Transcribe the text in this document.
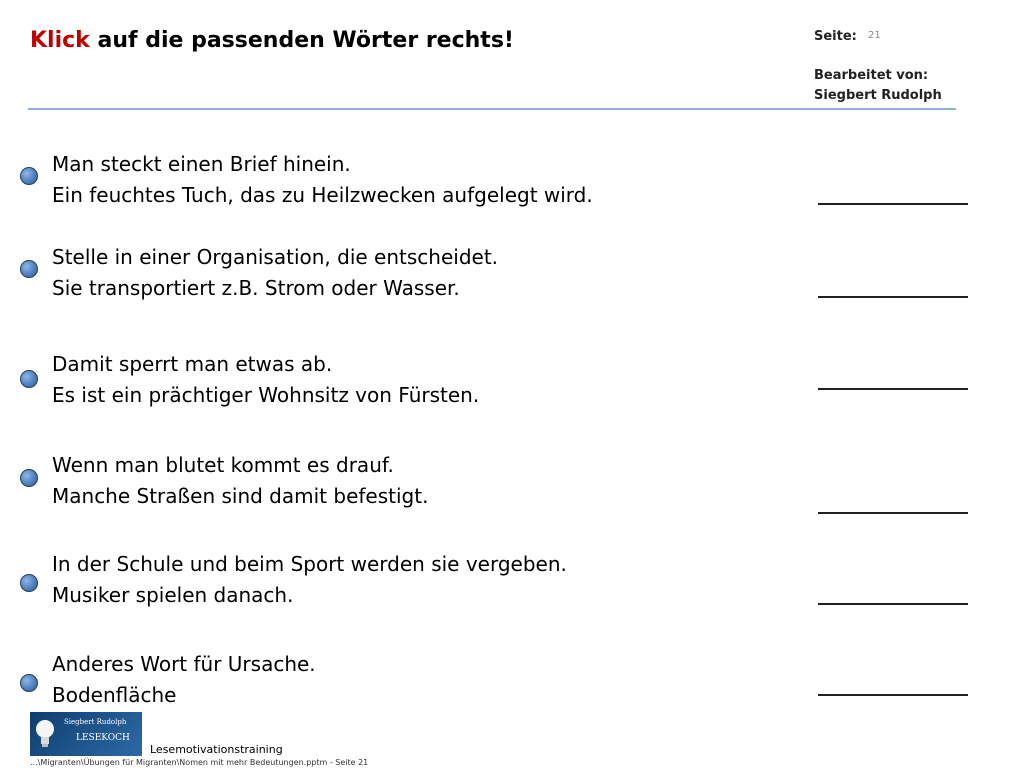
Klick auf die passenden Wörter rechts!	Seite: 21
Bearbeitet von:
Siegbert Rudolph
Man steckt einen Brief hinein.
Ein feuchtes Tuch, das zu Heilzwecken aufgelegt wird.
Stelle in einer Organisation, die entscheidet.
Sie transportiert z.B. Strom oder Wasser.
Damit sperrt man etwas ab.
Es ist ein prächtiger Wohnsitz von Fürsten.
Wenn man blutet kommt es drauf.
Manche Straßen sind damit befestigt.
In der Schule und beim Sport werden sie vergeben.
Musiker spielen danach.
Anderes Wort für Ursache.
Bodenfläche
Siegbert Rudolph
LESEKOCH
Lesemotivationstraining
...\Migranten\Übungen für Migranten\Nomen mit mehr Bedeutungen.pptm - Seite 21
